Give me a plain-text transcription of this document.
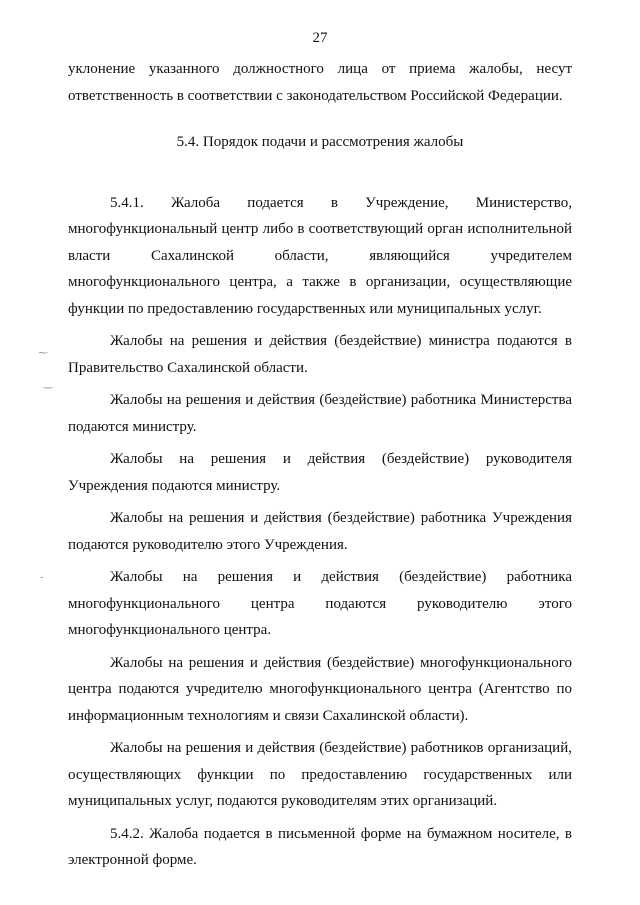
27

уклонение указанного должностного лица от приема жалобы, несут ответственность в соответствии с законодательством Российской Федерации.

5.4. Порядок подачи и рассмотрения жалобы

5.4.1. Жалоба подается в Учреждение, Министерство, многофункциональный центр либо в соответствующий орган исполнительной власти Сахалинской области, являющийся учредителем многофункционального центра, а также в организации, осуществляющие функции по предоставлению государственных или муниципальных услуг.

Жалобы на решения и действия (бездействие) министра подаются в Правительство Сахалинской области.

Жалобы на решения и действия (бездействие) работника Министерства подаются министру.

Жалобы на решения и действия (бездействие) руководителя Учреждения подаются министру.

Жалобы на решения и действия (бездействие) работника Учреждения подаются руководителю этого Учреждения.

Жалобы на решения и действия (бездействие) работника многофункционального центра подаются руководителю этого многофункционального центра.

Жалобы на решения и действия (бездействие) многофункционального центра подаются учредителю многофункционального центра (Агентство по информационным технологиям и связи Сахалинской области).

Жалобы на решения и действия (бездействие) работников организаций, осуществляющих функции по предоставлению государственных или муниципальных услуг, подаются руководителям этих организаций.

5.4.2. Жалоба подается в письменной форме на бумажном носителе, в электронной форме.

⁓
‿
-
